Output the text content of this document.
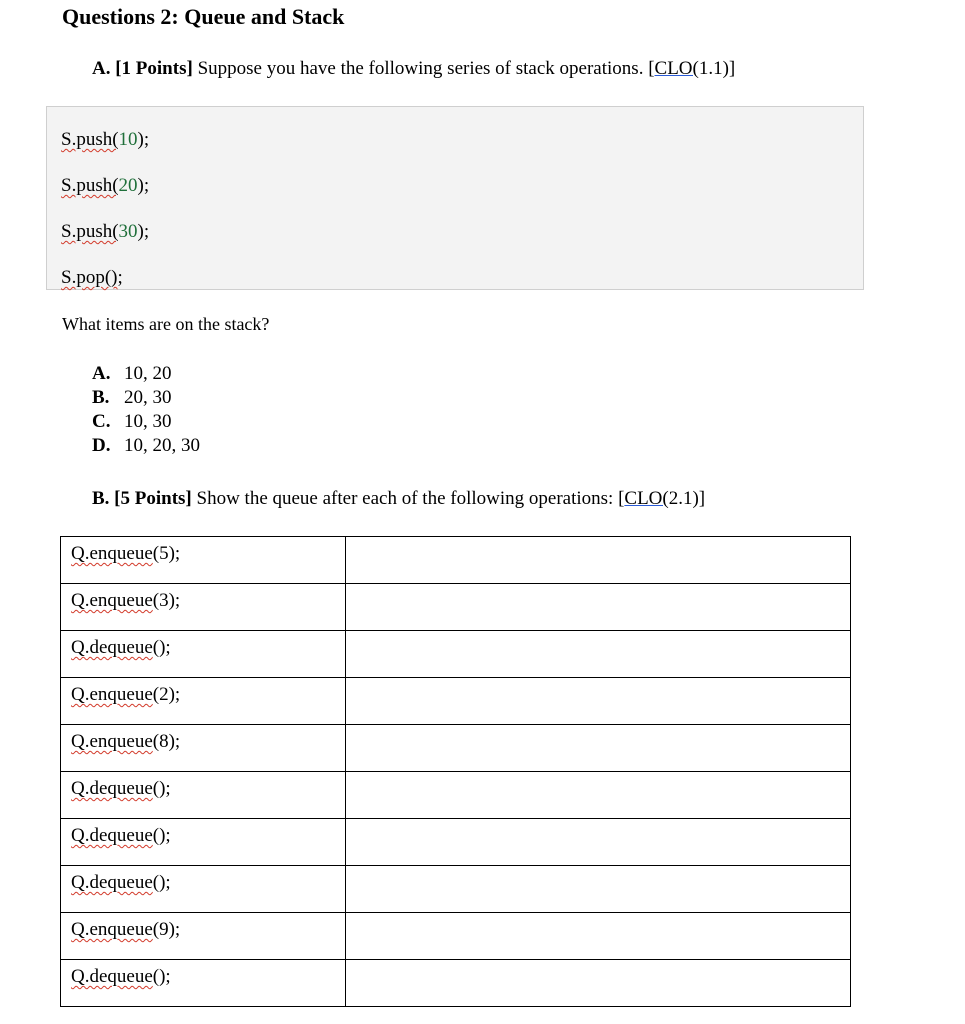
Questions 2: Queue and Stack
A. [1 Points] Suppose you have the following series of stack operations. [CLO(1.1)]
S.push(10);
S.push(20);
S.push(30);
S.pop();
What items are on the stack?
A. 10, 20
B. 20, 30
C. 10, 30
D. 10, 20, 30
B. [5 Points] Show the queue after each of the following operations: [CLO(2.1)]
Q.enqueue(5);	
Q.enqueue(3);	
Q.dequeue();	
Q.enqueue(2);	
Q.enqueue(8);	
Q.dequeue();	
Q.dequeue();	
Q.dequeue();	
Q.enqueue(9);	
Q.dequeue();	
